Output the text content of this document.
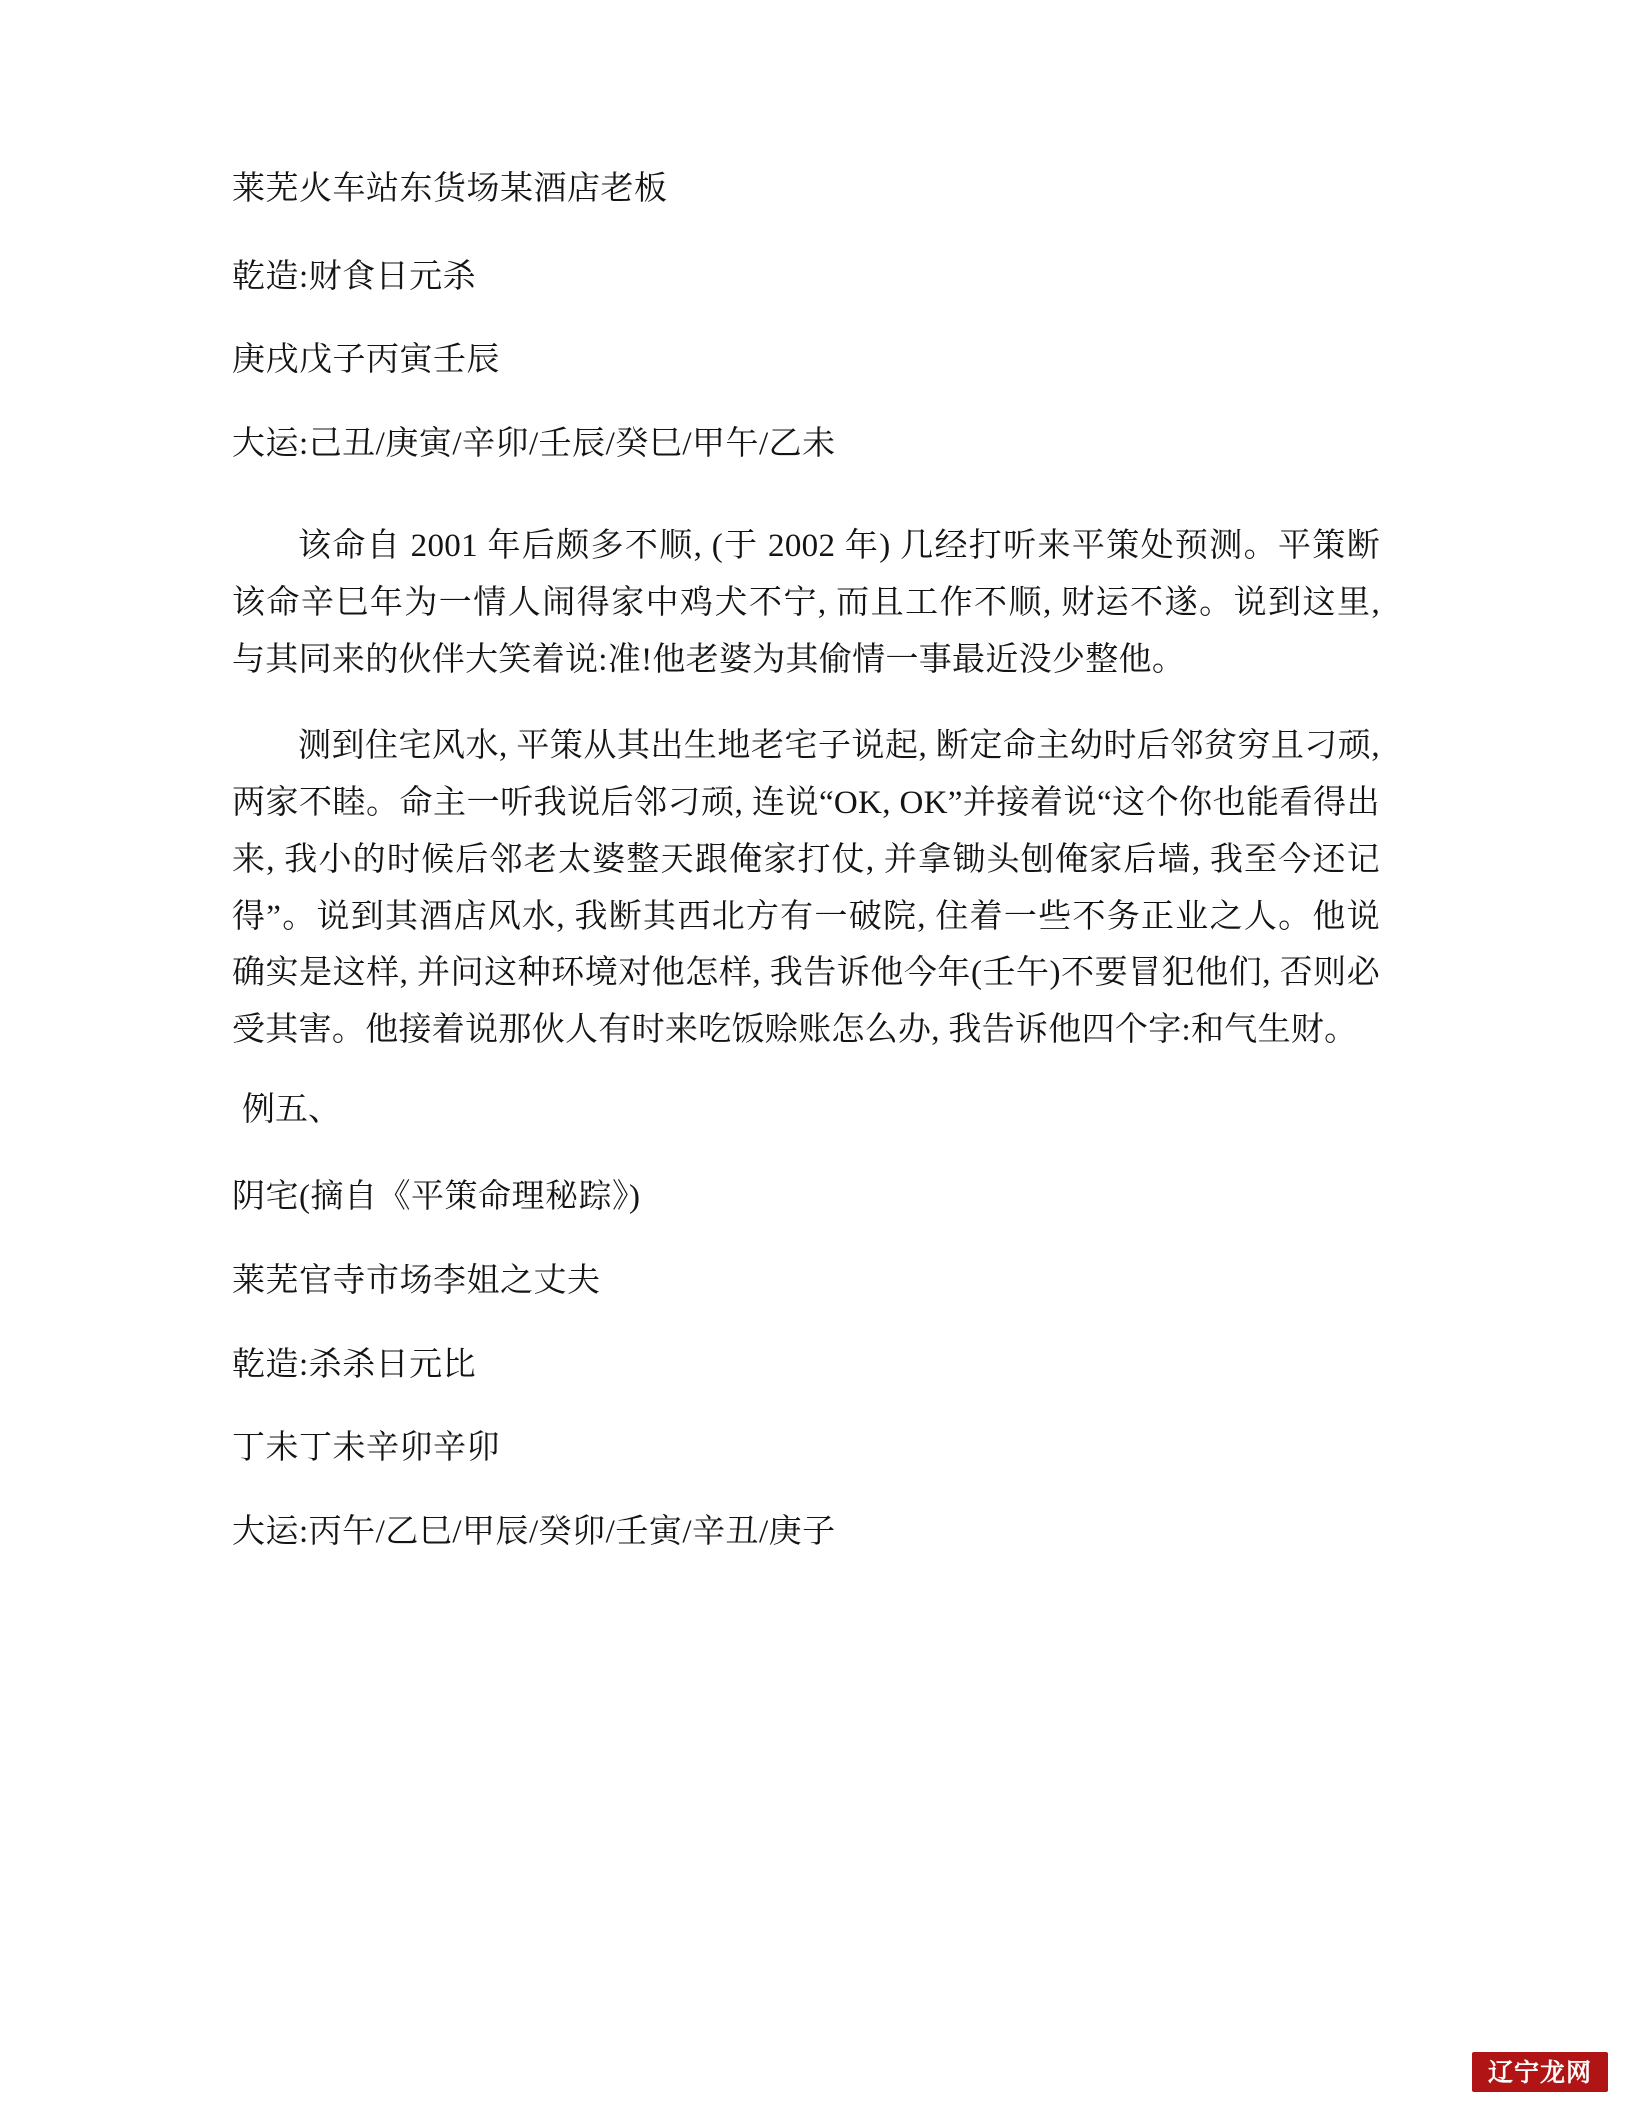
莱芜火车站东货场某酒店老板

乾造:财食日元杀

庚戌戊子丙寅壬辰

大运:己丑/庚寅/辛卯/壬辰/癸巳/甲午/乙未

该命自 2001 年后颇多不顺, (于 2002 年) 几经打听来平策处预测。平策断该命辛巳年为一情人闹得家中鸡犬不宁, 而且工作不顺, 财运不遂。说到这里, 与其同来的伙伴大笑着说:准!他老婆为其偷情一事最近没少整他。

测到住宅风水, 平策从其出生地老宅子说起, 断定命主幼时后邻贫穷且刁顽, 两家不睦。命主一听我说后邻刁顽, 连说“OK, OK”并接着说“这个你也能看得出来, 我小的时候后邻老太婆整天跟俺家打仗, 并拿锄头刨俺家后墙, 我至今还记得”。说到其酒店风水, 我断其西北方有一破院, 住着一些不务正业之人。他说确实是这样, 并问这种环境对他怎样, 我告诉他今年(壬午)不要冒犯他们, 否则必受其害。他接着说那伙人有时来吃饭赊账怎么办, 我告诉他四个字:和气生财。

例五、

阴宅(摘自《平策命理秘踪》)

莱芜官寺市场李姐之丈夫

乾造:杀杀日元比

丁未丁未辛卯辛卯

大运:丙午/乙巳/甲辰/癸卯/壬寅/辛丑/庚子

辽宁龙网
